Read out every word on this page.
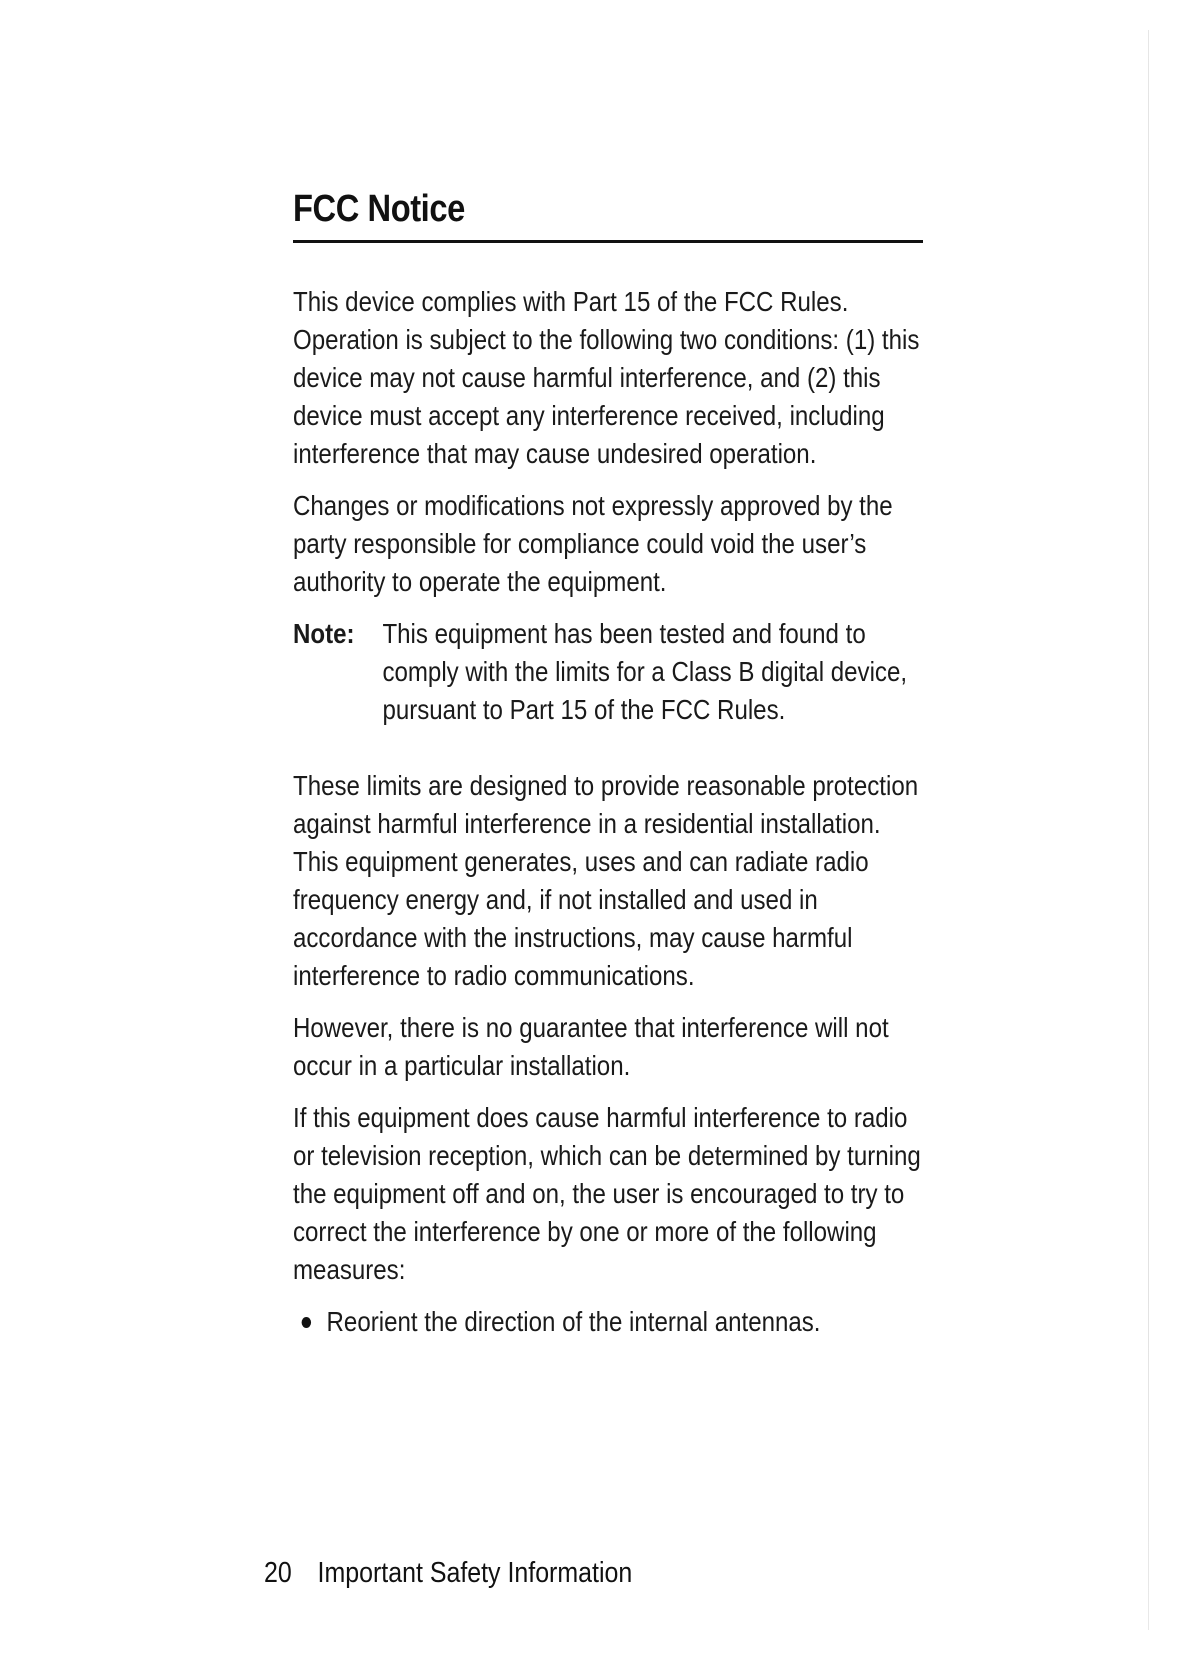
FCC Notice

This device complies with Part 15 of the FCC Rules. Operation is subject to the following two conditions: (1) this device may not cause harmful interference, and (2) this device must accept any interference received, including interference that may cause undesired operation.

Changes or modifications not expressly approved by the party responsible for compliance could void the user’s authority to operate the equipment.

Note: This equipment has been tested and found to comply with the limits for a Class B digital device, pursuant to Part 15 of the FCC Rules.

These limits are designed to provide reasonable protection against harmful interference in a residential installation. This equipment generates, uses and can radiate radio frequency energy and, if not installed and used in accordance with the instructions, may cause harmful interference to radio communications.

However, there is no guarantee that interference will not occur in a particular installation.

If this equipment does cause harmful interference to radio or television reception, which can be determined by turning the equipment off and on, the user is encouraged to try to correct the interference by one or more of the following measures:

Reorient the direction of the internal antennas.
20 Important Safety Information
